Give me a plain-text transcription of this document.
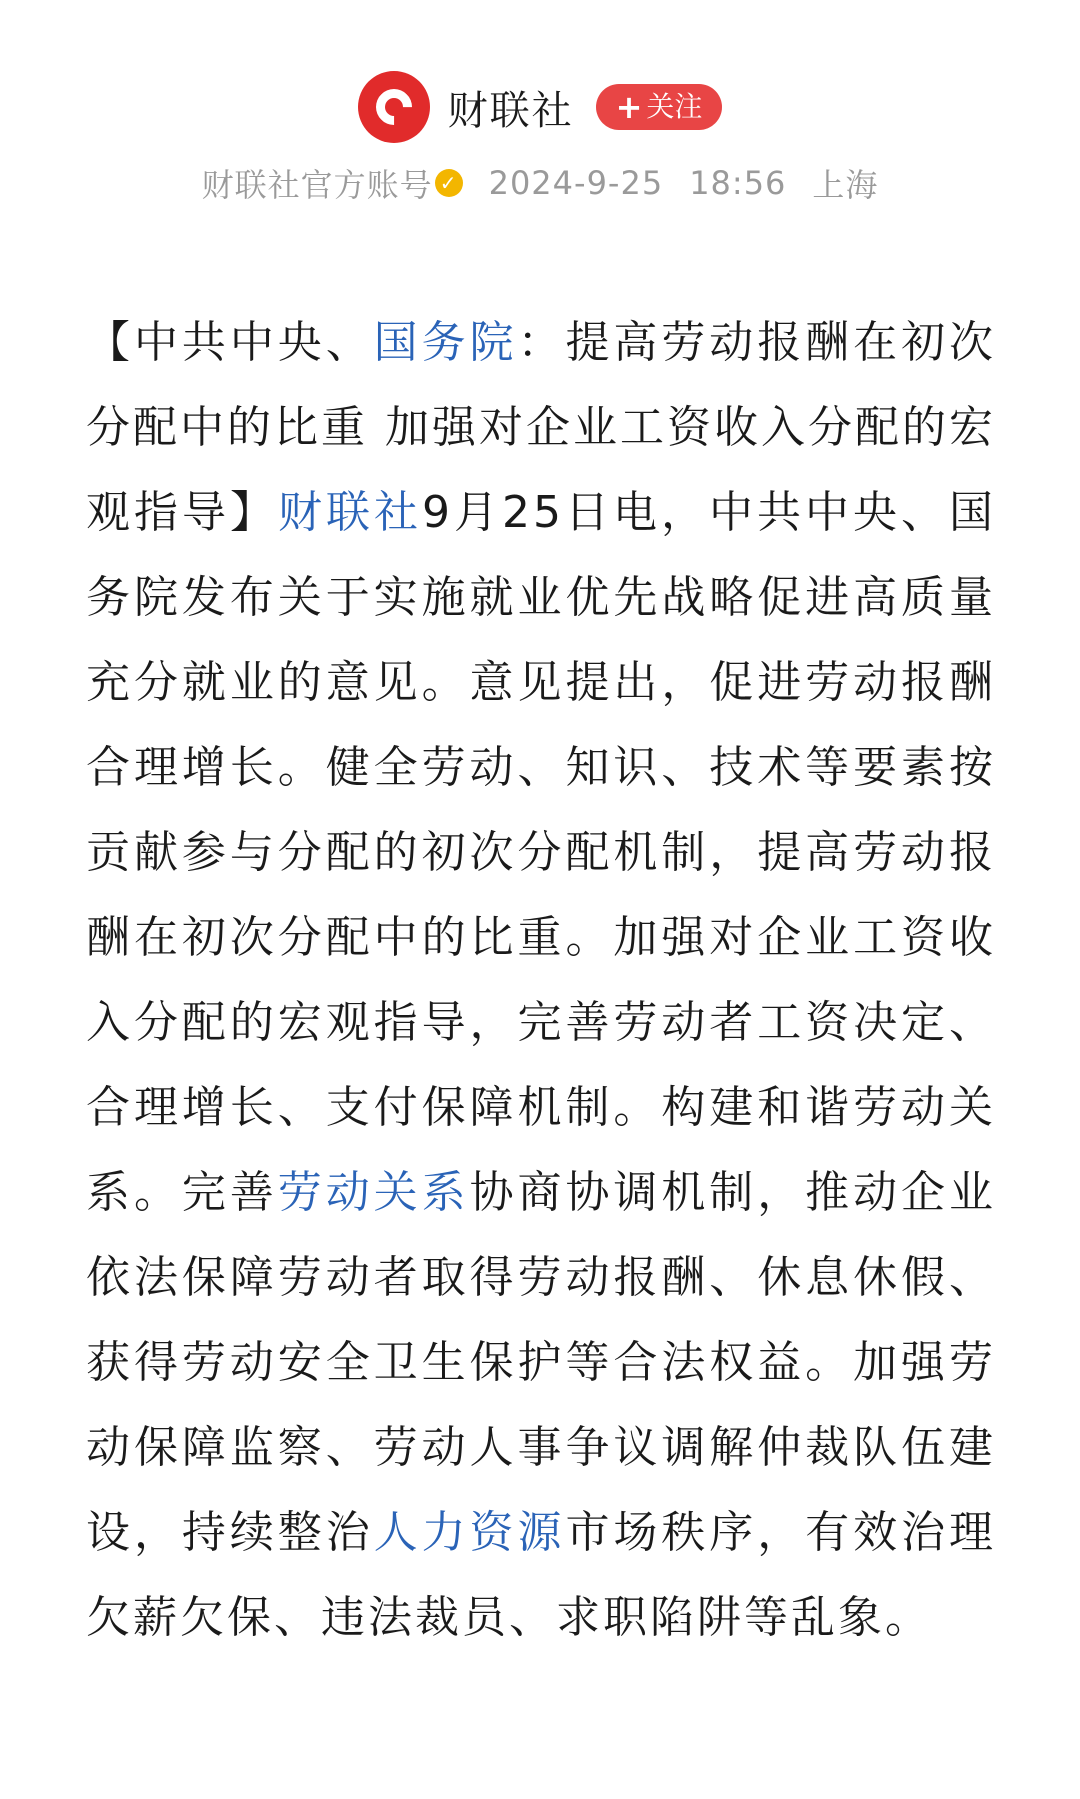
财联社 + 关注
财联社官方账号 ✓ 2024-9-25 18:56 上海
【中共中央、国务院：提高劳动报酬在初次分配中的比重 加强对企业工资收入分配的宏观指导】财联社9月25日电，中共中央、国务院发布关于实施就业优先战略促进高质量充分就业的意见。意见提出，促进劳动报酬合理增长。健全劳动、知识、技术等要素按贡献参与分配的初次分配机制，提高劳动报酬在初次分配中的比重。加强对企业工资收入分配的宏观指导，完善劳动者工资决定、合理增长、支付保障机制。构建和谐劳动关系。完善劳动关系协商协调机制，推动企业依法保障劳动者取得劳动报酬、休息休假、获得劳动安全卫生保护等合法权益。加强劳动保障监察、劳动人事争议调解仲裁队伍建设，持续整治人力资源市场秩序，有效治理欠薪欠保、违法裁员、求职陷阱等乱象。
